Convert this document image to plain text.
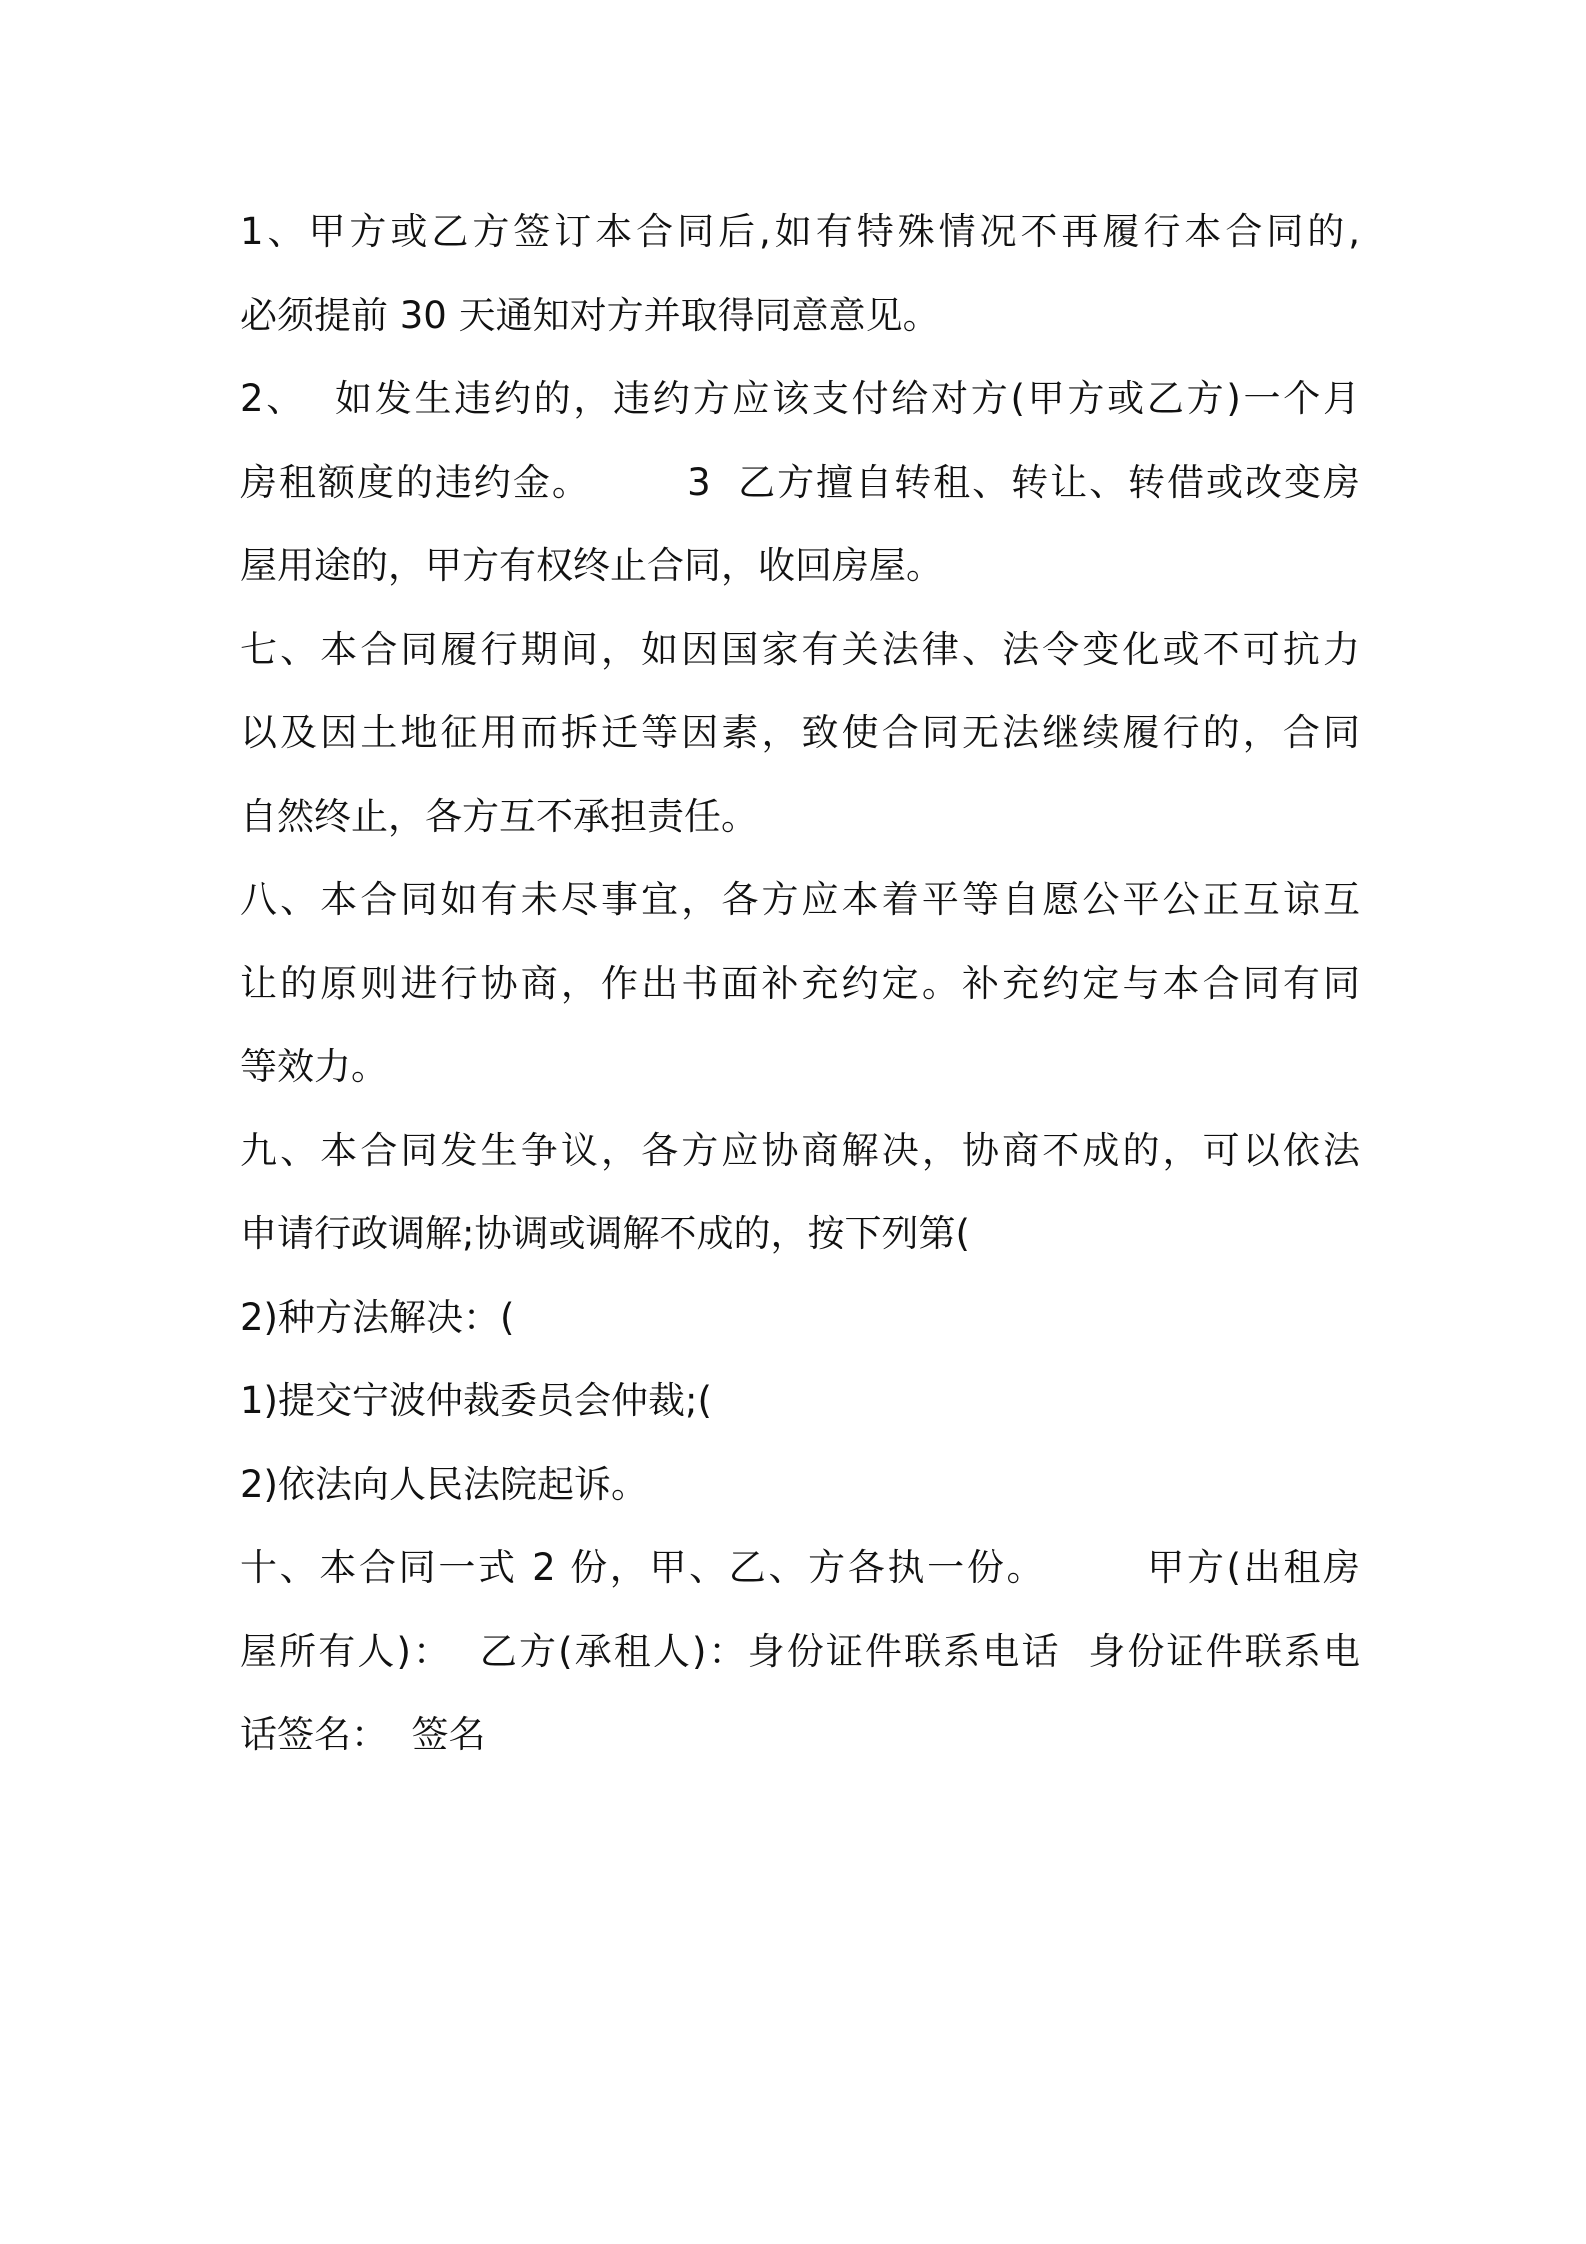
1、甲方或乙方签订本合同后,如有特殊情况不再履行本合同的,
必须提前 30 天通知对方并取得同意意见。
2、  如发生违约的，违约方应该支付给对方(甲方或乙方)一个月
房租额度的违约金。       3  乙方擅自转租、转让、转借或改变房
屋用途的，甲方有权终止合同，收回房屋。
七、本合同履行期间，如因国家有关法律、法令变化或不可抗力
以及因土地征用而拆迁等因素，致使合同无法继续履行的，合同
自然终止，各方互不承担责任。
八、本合同如有未尽事宜，各方应本着平等自愿公平公正互谅互
让的原则进行协商，作出书面补充约定。补充约定与本合同有同
等效力。
九、本合同发生争议，各方应协商解决，协商不成的，可以依法
申请行政调解;协调或调解不成的，按下列第(
2)种方法解决：(
1)提交宁波仲裁委员会仲裁;(
2)依法向人民法院起诉。
十、本合同一式 2 份，甲、乙、方各执一份。       甲方(出租房
屋所有人)：  乙方(承租人)：身份证件联系电话  身份证件联系电
话签名：  签名
